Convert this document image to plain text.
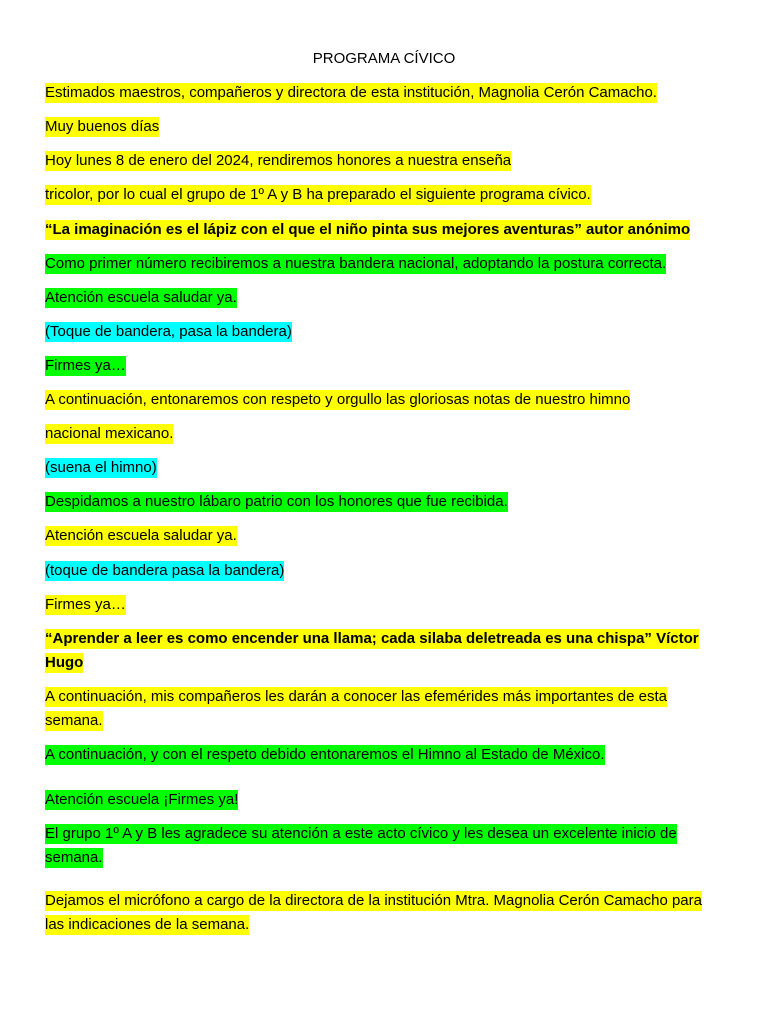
PROGRAMA CÍVICO
Estimados maestros, compañeros y directora de esta institución, Magnolia Cerón Camacho.
Muy buenos días
Hoy lunes 8 de enero del 2024, rendiremos honores a nuestra enseña
tricolor, por lo cual el grupo de 1º A y B ha preparado el siguiente programa cívico.
“La imaginación es el lápiz con el que el niño pinta sus mejores aventuras” autor anónimo
Como primer número recibiremos a nuestra bandera nacional, adoptando la postura correcta.
Atención escuela saludar ya.
(Toque de bandera, pasa la bandera)
Firmes ya…
A continuación, entonaremos con respeto y orgullo las gloriosas notas de nuestro himno
nacional mexicano.
(suena el himno)
Despidamos a nuestro lábaro patrio con los honores que fue recibida.
Atención escuela saludar ya.
(toque de bandera pasa la bandera)
Firmes ya…
“Aprender a leer es como encender una llama; cada silaba deletreada es una chispa” Víctor Hugo
A continuación, mis compañeros les darán a conocer las efemérides más importantes de esta semana.
A continuación, y con el respeto debido entonaremos el Himno al Estado de México.
Atención escuela ¡Firmes ya!
El grupo 1º A y B les agradece su atención a este acto cívico y les desea un excelente inicio de semana.
Dejamos el micrófono a cargo de la directora de la institución Mtra. Magnolia Cerón Camacho para las indicaciones de la semana.
